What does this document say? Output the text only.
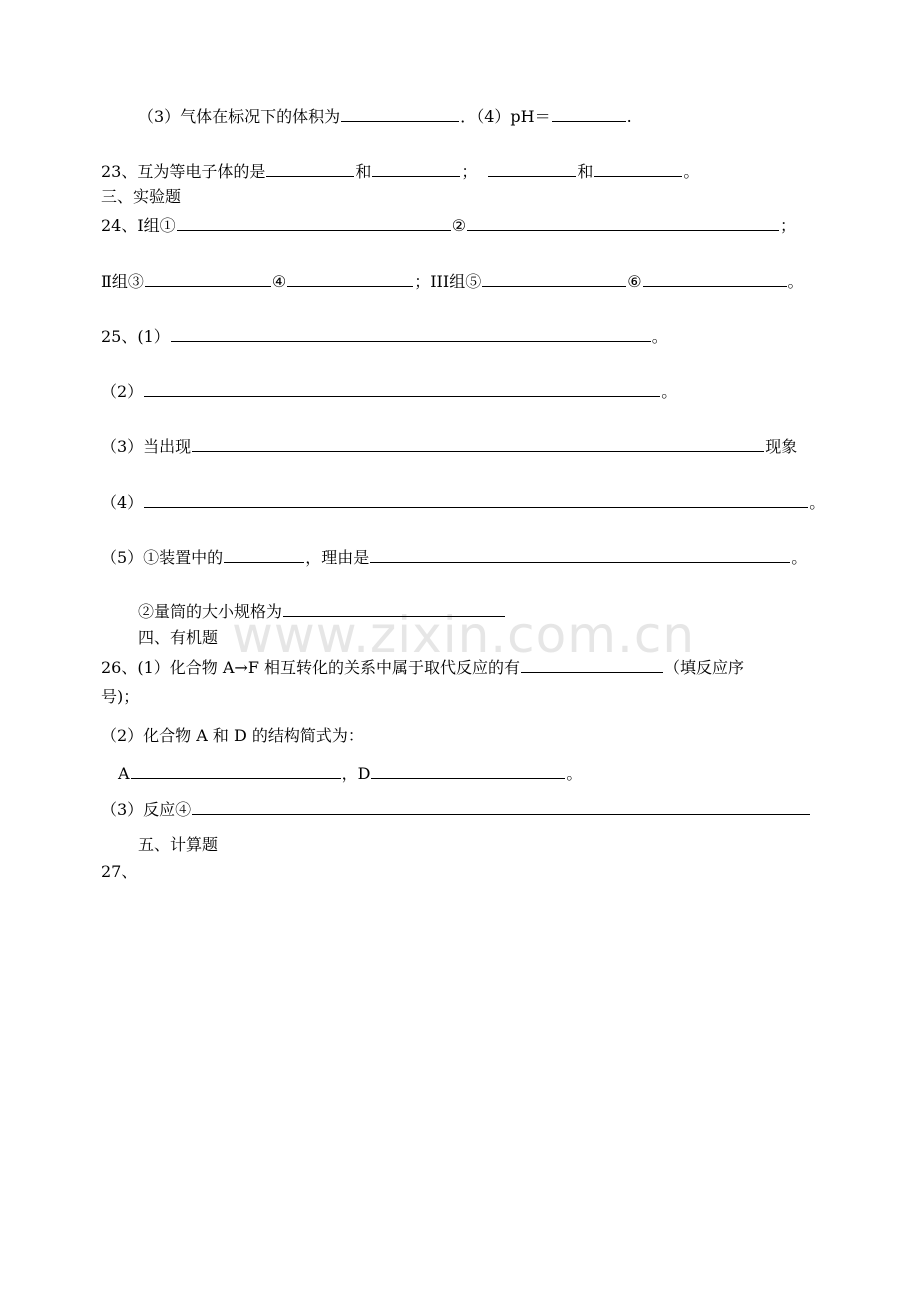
www.zixin.com.cn
（3）气体在标况下的体积为	．（4）pH＝	.
23、互为等电子体的是	和	；	和	。
三、实验题
24、Ⅰ组①	②	；
Ⅱ组③	④	；III组⑤	⑥	。
25、(1）	。
（2）	。
（3）当出现	现象
（4）	。
（5）①装置中的	，理由是	。
②量筒的大小规格为
四、有机题
26、(1）化合物 A→F 相互转化的关系中属于取代反应的有	（填反应序
号)；
（2）化合物 A 和 D 的结构简式为：
A	，D	。
（3）反应④
五、计算题
27、
